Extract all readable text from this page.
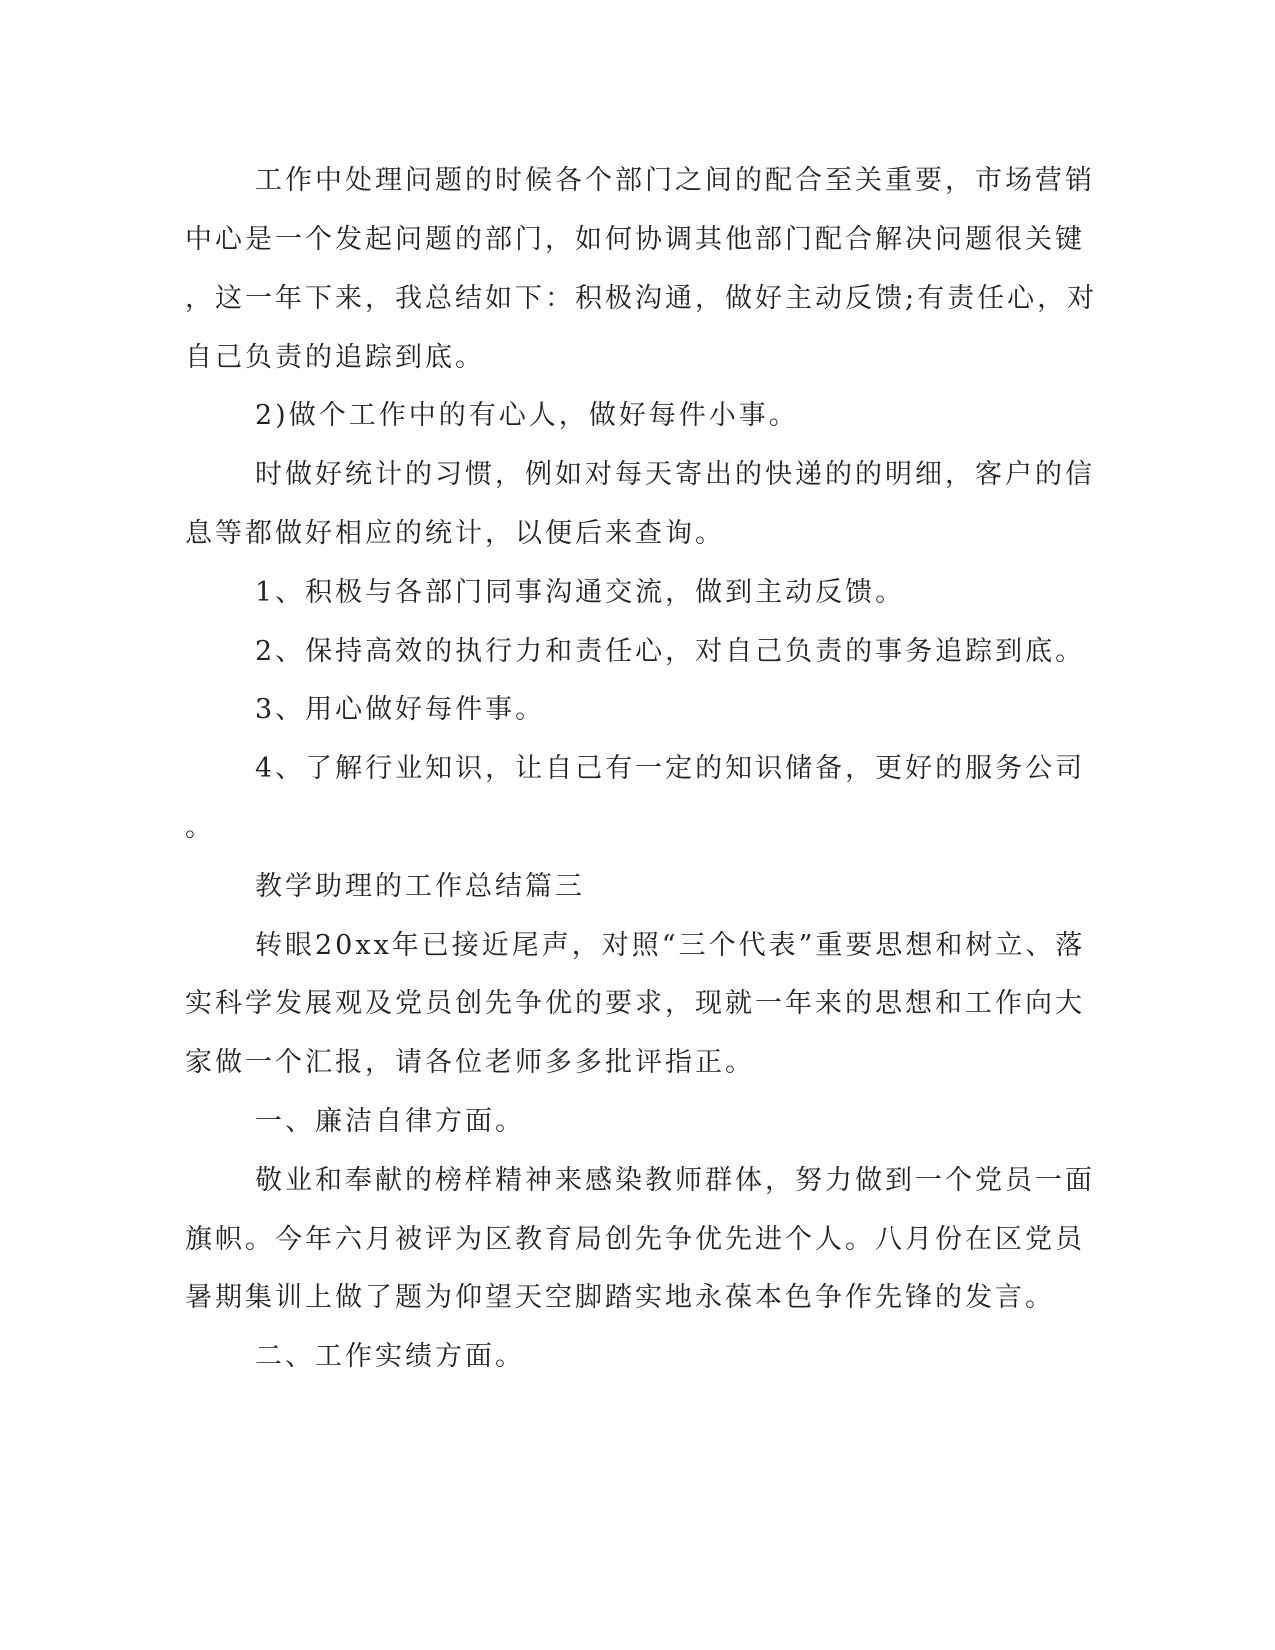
工作中处理问题的时候各个部门之间的配合至关重要，市场营销

中心是一个发起问题的部门，如何协调其他部门配合解决问题很关键

，这一年下来，我总结如下：积极沟通，做好主动反馈;有责任心，对

自己负责的追踪到底。

2)做个工作中的有心人，做好每件小事。

时做好统计的习惯，例如对每天寄出的快递的的明细，客户的信

息等都做好相应的统计，以便后来查询。

1、积极与各部门同事沟通交流，做到主动反馈。

2、保持高效的执行力和责任心，对自己负责的事务追踪到底。

3、用心做好每件事。

4、了解行业知识，让自己有一定的知识储备，更好的服务公司

。

教学助理的工作总结篇三

转眼20xx年已接近尾声，对照“三个代表”重要思想和树立、落

实科学发展观及党员创先争优的要求，现就一年来的思想和工作向大

家做一个汇报，请各位老师多多批评指正。

一、廉洁自律方面。

敬业和奉献的榜样精神来感染教师群体，努力做到一个党员一面

旗帜。今年六月被评为区教育局创先争优先进个人。八月份在区党员

暑期集训上做了题为仰望天空脚踏实地永葆本色争作先锋的发言。

二、工作实绩方面。
